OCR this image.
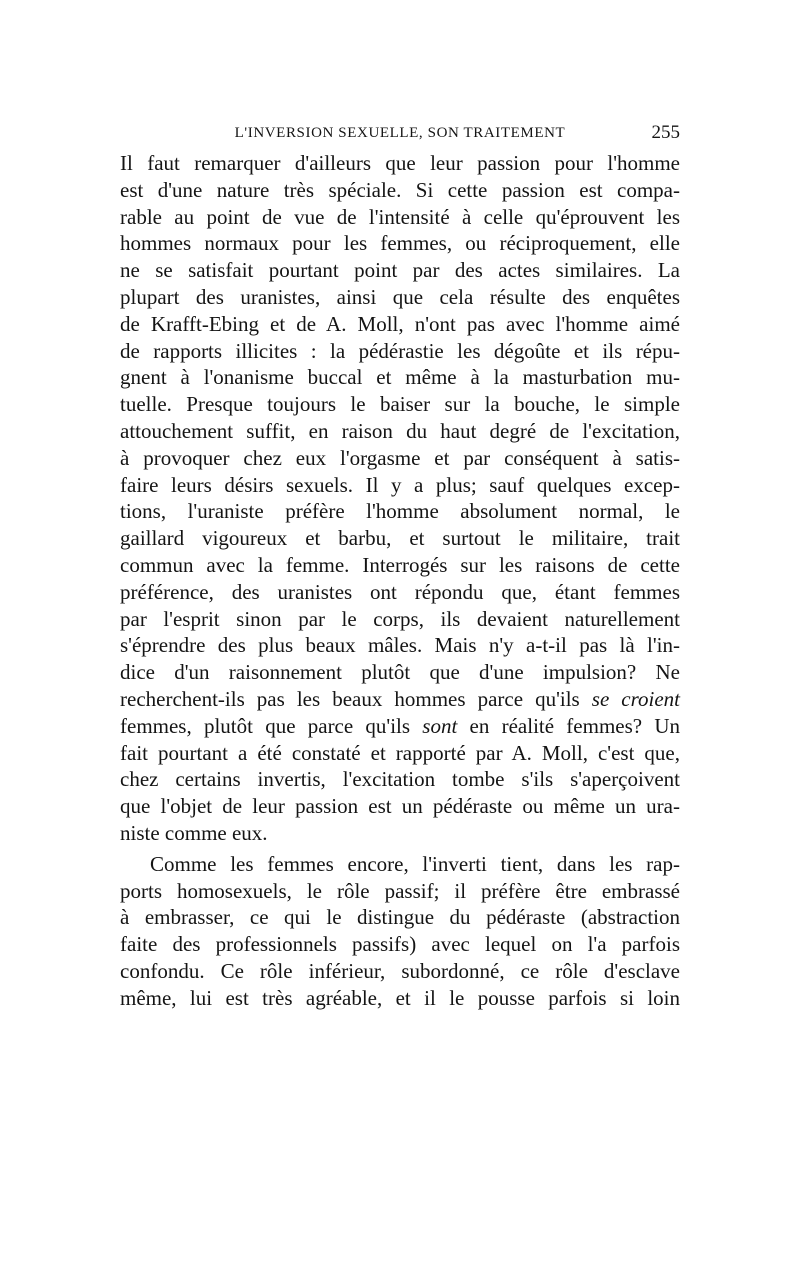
L'INVERSION SEXUELLE, SON TRAITEMENT	255
Il faut remarquer d'ailleurs que leur passion pour l'homme
est d'une nature très spéciale. Si cette passion est compa-
rable au point de vue de l'intensité à celle qu'éprouvent les
hommes normaux pour les femmes, ou réciproquement, elle
ne se satisfait pourtant point par des actes similaires. La
plupart des uranistes, ainsi que cela résulte des enquêtes
de Krafft-Ebing et de A. Moll, n'ont pas avec l'homme aimé
de rapports illicites : la pédérastie les dégoûte et ils répu-
gnent à l'onanisme buccal et même à la masturbation mu-
tuelle. Presque toujours le baiser sur la bouche, le simple
attouchement suffit, en raison du haut degré de l'excitation,
à provoquer chez eux l'orgasme et par conséquent à satis-
faire leurs désirs sexuels. Il y a plus; sauf quelques excep-
tions, l'uraniste préfère l'homme absolument normal, le
gaillard vigoureux et barbu, et surtout le militaire, trait
commun avec la femme. Interrogés sur les raisons de cette
préférence, des uranistes ont répondu que, étant femmes
par l'esprit sinon par le corps, ils devaient naturellement
s'éprendre des plus beaux mâles. Mais n'y a-t-il pas là l'in-
dice d'un raisonnement plutôt que d'une impulsion? Ne
recherchent-ils pas les beaux hommes parce qu'ils se croient
femmes, plutôt que parce qu'ils sont en réalité femmes? Un
fait pourtant a été constaté et rapporté par A. Moll, c'est que,
chez certains invertis, l'excitation tombe s'ils s'aperçoivent
que l'objet de leur passion est un pédéraste ou même un ura-
niste comme eux.
Comme les femmes encore, l'inverti tient, dans les rap-
ports homosexuels, le rôle passif; il préfère être embrassé
à embrasser, ce qui le distingue du pédéraste (abstraction
faite des professionnels passifs) avec lequel on l'a parfois
confondu. Ce rôle inférieur, subordonné, ce rôle d'esclave
même, lui est très agréable, et il le pousse parfois si loin
